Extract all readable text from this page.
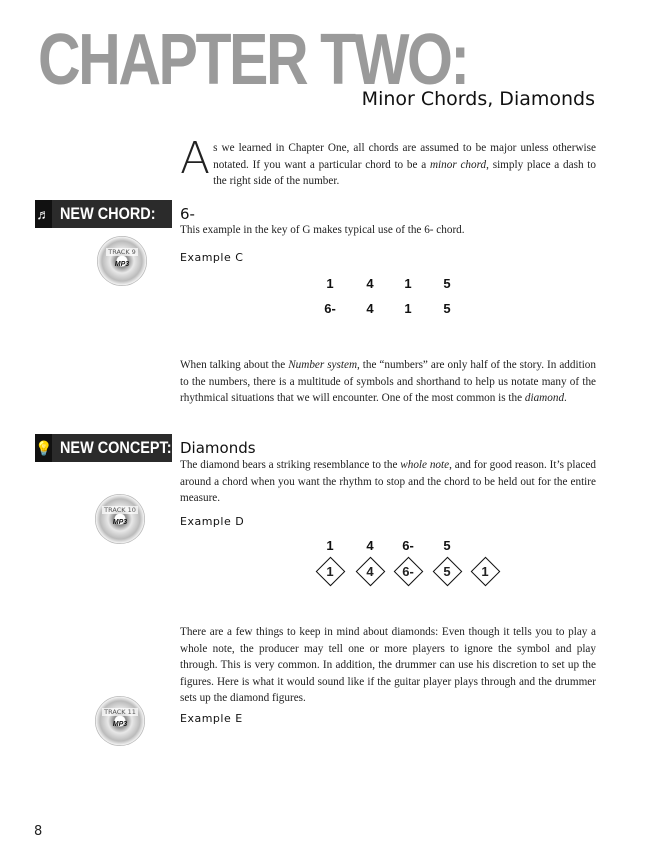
CHAPTER TWO:
Minor Chords, Diamonds
As we learned in Chapter One, all chords are assumed to be major unless otherwise notated. If you want a particular chord to be a minor chord, simply place a dash to the right side of the number.
♬ NEW CHORD: 6-
This example in the key of G makes typical use of the 6- chord.
TRACK 9
MP3
Example C
1	4	1	5
6-	4	1	5
When talking about the Number system, the “numbers” are only half of the story. In addition to the numbers, there is a multitude of symbols and shorthand to help us notate many of the rhythmical situations that we will encounter. One of the most common is the diamond.
💡 NEW CONCEPT: Diamonds
The diamond bears a striking resemblance to the whole note, and for good reason. It’s placed around a chord when you want the rhythm to stop and the chord to be held out for the entire measure.
TRACK 10
MP3	Example D
1	4	6-	5
1	4 6- 5 1
There are a few things to keep in mind about diamonds: Even though it tells you to play a whole note, the producer may tell one or more players to ignore the symbol and play through. This is very common. In addition, the drummer can use his discretion to set up the figures. Here is what it would sound like if the guitar player plays through and the drummer sets up the diamond figures.
TRACK 11
MP3	Example E
8
